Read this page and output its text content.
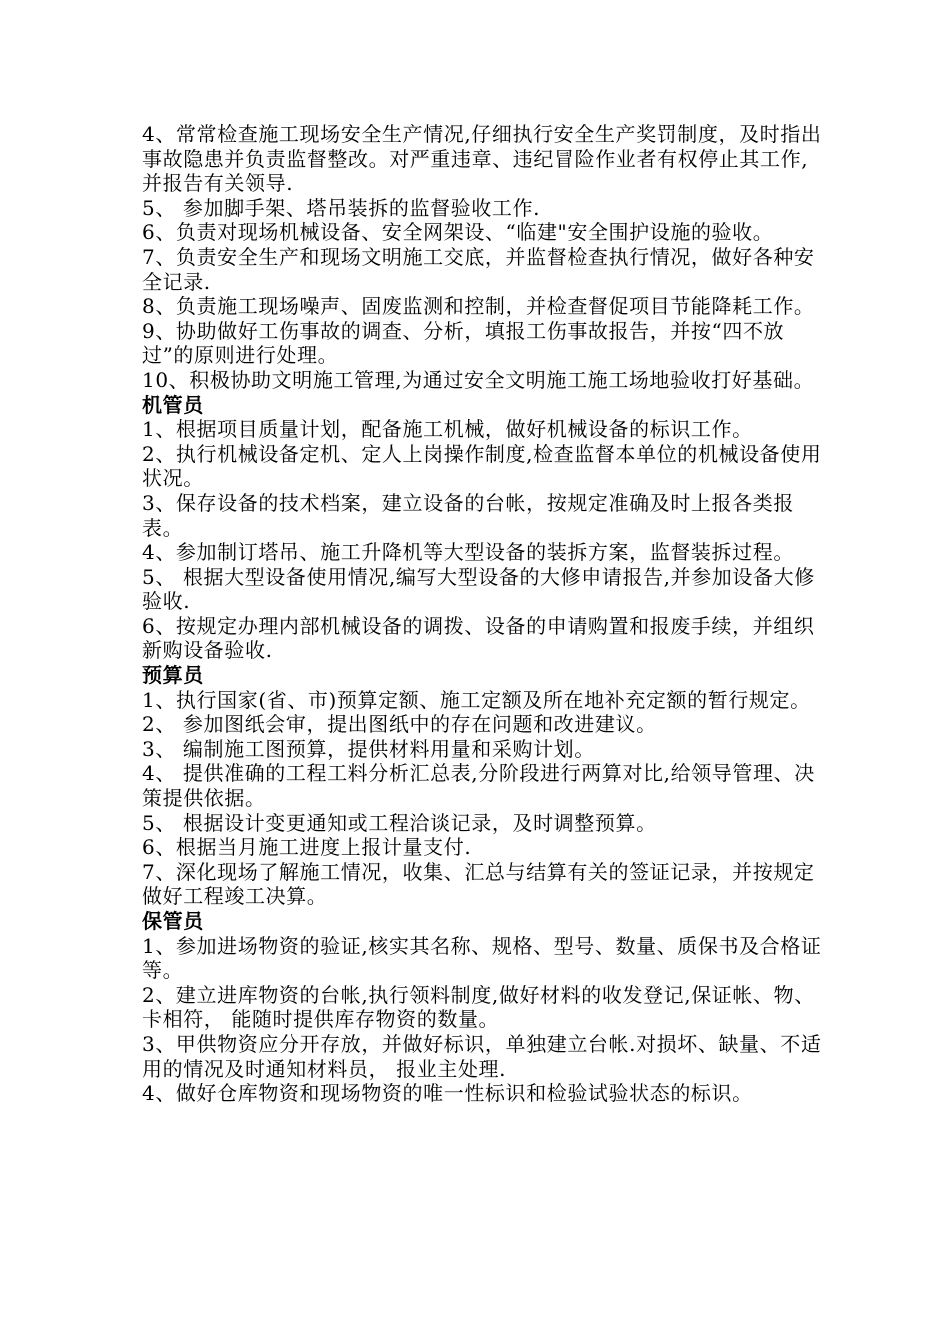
4、常常检查施工现场安全生产情况,仔细执行安全生产奖罚制度，及时指出事故隐患并负责监督整改。对严重违章、违纪冒险作业者有权停止其工作,并报告有关领导.

5、 参加脚手架、塔吊装拆的监督验收工作.

6、负责对现场机械设备、安全网架设、“临建"安全围护设施的验收。

7、负责安全生产和现场文明施工交底，并监督检查执行情况，做好各种安全记录.

8、负责施工现场噪声、固废监测和控制，并检查督促项目节能降耗工作。

9、协助做好工伤事故的调查、分析，填报工伤事故报告，并按“四不放过”的原则进行处理。

10、积极协助文明施工管理,为通过安全文明施工施工场地验收打好基础。

机管员

1、根据项目质量计划，配备施工机械，做好机械设备的标识工作。

2、执行机械设备定机、定人上岗操作制度,检查监督本单位的机械设备使用状况。

3、保存设备的技术档案，建立设备的台帐，按规定准确及时上报各类报表。

4、参加制订塔吊、施工升降机等大型设备的装拆方案，监督装拆过程。

5、 根据大型设备使用情况,编写大型设备的大修申请报告,并参加设备大修验收.

6、按规定办理内部机械设备的调拨、设备的申请购置和报废手续，并组织新购设备验收.

预算员

1、执行国家(省、市)预算定额、施工定额及所在地补充定额的暂行规定。

2、 参加图纸会审，提出图纸中的存在问题和改进建议。

3、 编制施工图预算，提供材料用量和采购计划。

4、 提供准确的工程工料分析汇总表,分阶段进行两算对比,给领导管理、决策提供依据。

5、 根据设计变更通知或工程洽谈记录，及时调整预算。

6、根据当月施工进度上报计量支付.

7、深化现场了解施工情况，收集、汇总与结算有关的签证记录，并按规定做好工程竣工决算。

保管员

1、参加进场物资的验证,核实其名称、规格、型号、数量、质保书及合格证等。

2、建立进库物资的台帐,执行领料制度,做好材料的收发登记,保证帐、物、卡相符， 能随时提供库存物资的数量。

3、甲供物资应分开存放，并做好标识，单独建立台帐.对损坏、缺量、不适用的情况及时通知材料员， 报业主处理.

4、做好仓库物资和现场物资的唯一性标识和检验试验状态的标识。
